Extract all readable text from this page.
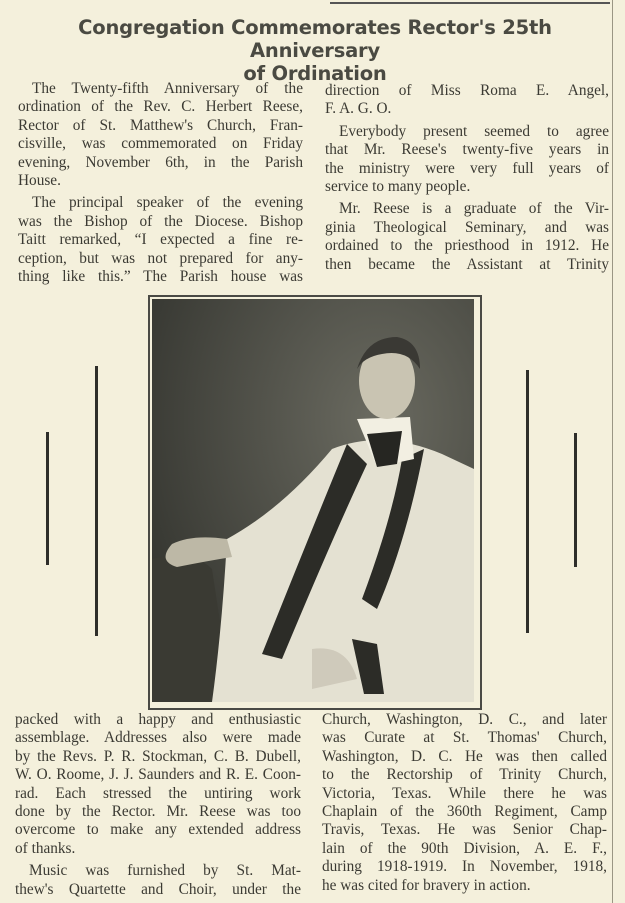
Congregation Commemorates Rector's 25th Anniversary
of Ordination
The Twenty-fifth Anniversary of the
ordination of the Rev. C. Herbert Reese,
Rector of St. Matthew's Church, Fran-
cisville, was commemorated on Friday
evening, November 6th, in the Parish
House.
The principal speaker of the evening
was the Bishop of the Diocese. Bishop
Taitt remarked, “I expected a fine re-
ception, but was not prepared for any-
thing like this.” The Parish house was
direction of Miss Roma E. Angel,
F. A. G. O.
Everybody present seemed to agree
that Mr. Reese's twenty-five years in
the ministry were very full years of
service to many people.
Mr. Reese is a graduate of the Vir-
ginia Theological Seminary, and was
ordained to the priesthood in 1912. He
then became the Assistant at Trinity
packed with a happy and enthusiastic
assemblage. Addresses also were made
by the Revs. P. R. Stockman, C. B. Dubell,
W. O. Roome, J. J. Saunders and R. E. Coon-
rad. Each stressed the untiring work
done by the Rector. Mr. Reese was too
overcome to make any extended address
of thanks.
Music was furnished by St. Mat-
thew's Quartette and Choir, under the
Church, Washington, D. C., and later
was Curate at St. Thomas' Church,
Washington, D. C. He was then called
to the Rectorship of Trinity Church,
Victoria, Texas. While there he was
Chaplain of the 360th Regiment, Camp
Travis, Texas. He was Senior Chap-
lain of the 90th Division, A. E. F.,
during 1918-1919. In November, 1918,
he was cited for bravery in action.
